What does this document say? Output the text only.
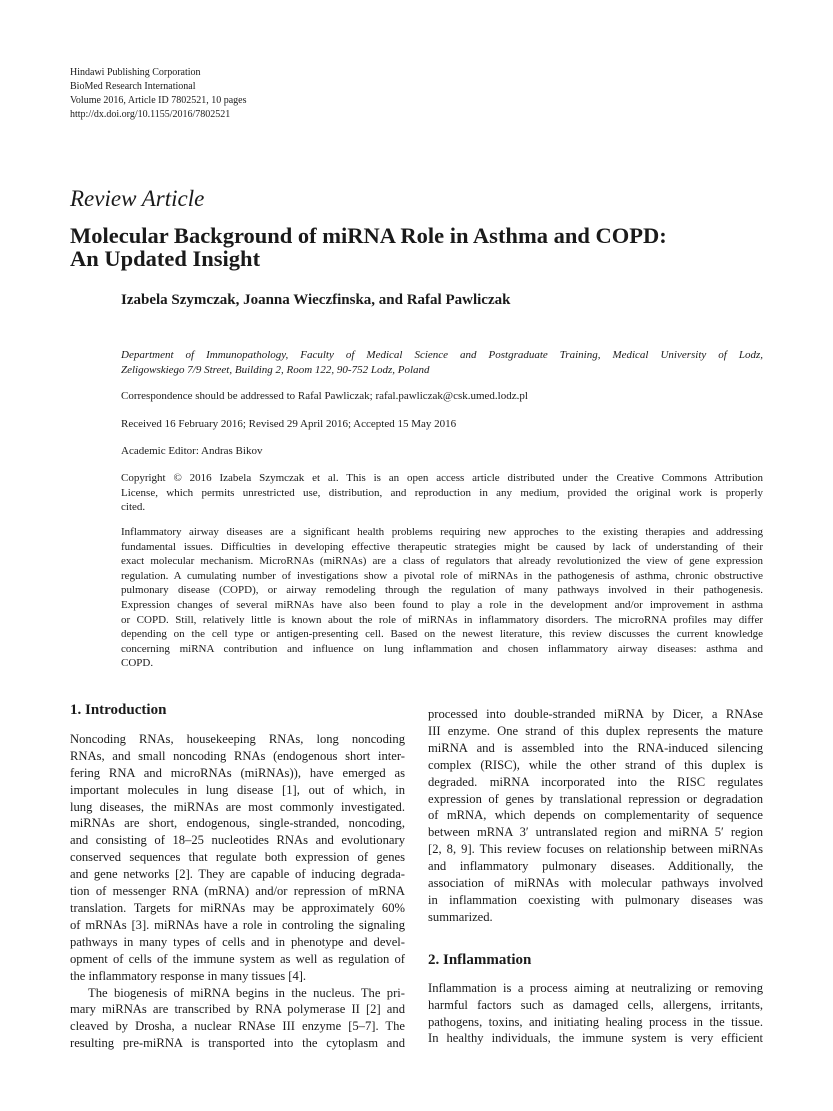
Hindawi Publishing Corporation
BioMed Research International
Volume 2016, Article ID 7802521, 10 pages
http://dx.doi.org/10.1155/2016/7802521
Review Article
Molecular Background of miRNA Role in Asthma and COPD:
An Updated Insight
Izabela Szymczak, Joanna Wieczfinska, and Rafal Pawliczak
Department of Immunopathology, Faculty of Medical Science and Postgraduate Training, Medical University of Lodz,
Zeligowskiego 7/9 Street, Building 2, Room 122, 90-752 Lodz, Poland
Correspondence should be addressed to Rafal Pawliczak; rafal.pawliczak@csk.umed.lodz.pl
Received 16 February 2016; Revised 29 April 2016; Accepted 15 May 2016
Academic Editor: Andras Bikov
Copyright © 2016 Izabela Szymczak et al. This is an open access article distributed under the Creative Commons Attribution
License, which permits unrestricted use, distribution, and reproduction in any medium, provided the original work is properly
cited.
Inflammatory airway diseases are a significant health problems requiring new approches to the existing therapies and addressing
fundamental issues. Difficulties in developing effective therapeutic strategies might be caused by lack of understanding of their
exact molecular mechanism. MicroRNAs (miRNAs) are a class of regulators that already revolutionized the view of gene expression
regulation. A cumulating number of investigations show a pivotal role of miRNAs in the pathogenesis of asthma, chronic obstructive
pulmonary disease (COPD), or airway remodeling through the regulation of many pathways involved in their pathogenesis.
Expression changes of several miRNAs have also been found to play a role in the development and/or improvement in asthma
or COPD. Still, relatively little is known about the role of miRNAs in inflammatory disorders. The microRNA profiles may differ
depending on the cell type or antigen-presenting cell. Based on the newest literature, this review discusses the current knowledge
concerning miRNA contribution and influence on lung inflammation and chosen inflammatory airway diseases: asthma and
COPD.
1. Introduction
Noncoding RNAs, housekeeping RNAs, long noncoding
RNAs, and small noncoding RNAs (endogenous short inter-
fering RNA and microRNAs (miRNAs)), have emerged as
important molecules in lung disease [1], out of which, in
lung diseases, the miRNAs are most commonly investigated.
miRNAs are short, endogenous, single-stranded, noncoding,
and consisting of 18–25 nucleotides RNAs and evolutionary
conserved sequences that regulate both expression of genes
and gene networks [2]. They are capable of inducing degrada-
tion of messenger RNA (mRNA) and/or repression of mRNA
translation. Targets for miRNAs may be approximately 60%
of mRNAs [3]. miRNAs have a role in controling the signaling
pathways in many types of cells and in phenotype and devel-
opment of cells of the immune system as well as regulation of
the inflammatory response in many tissues [4].
The biogenesis of miRNA begins in the nucleus. The pri-
mary miRNAs are transcribed by RNA polymerase II [2] and
cleaved by Drosha, a nuclear RNAse III enzyme [5–7]. The
resulting pre-miRNA is transported into the cytoplasm and
processed into double-stranded miRNA by Dicer, a RNAse
III enzyme. One strand of this duplex represents the mature
miRNA and is assembled into the RNA-induced silencing
complex (RISC), while the other strand of this duplex is
degraded. miRNA incorporated into the RISC regulates
expression of genes by translational repression or degradation
of mRNA, which depends on complementarity of sequence
between mRNA 3′ untranslated region and miRNA 5′ region
[2, 8, 9]. This review focuses on relationship between miRNAs
and inflammatory pulmonary diseases. Additionally, the
association of miRNAs with molecular pathways involved
in inflammation coexisting with pulmonary diseases was
summarized.
2. Inflammation
Inflammation is a process aiming at neutralizing or removing
harmful factors such as damaged cells, allergens, irritants,
pathogens, toxins, and initiating healing process in the tissue.
In healthy individuals, the immune system is very efficient
